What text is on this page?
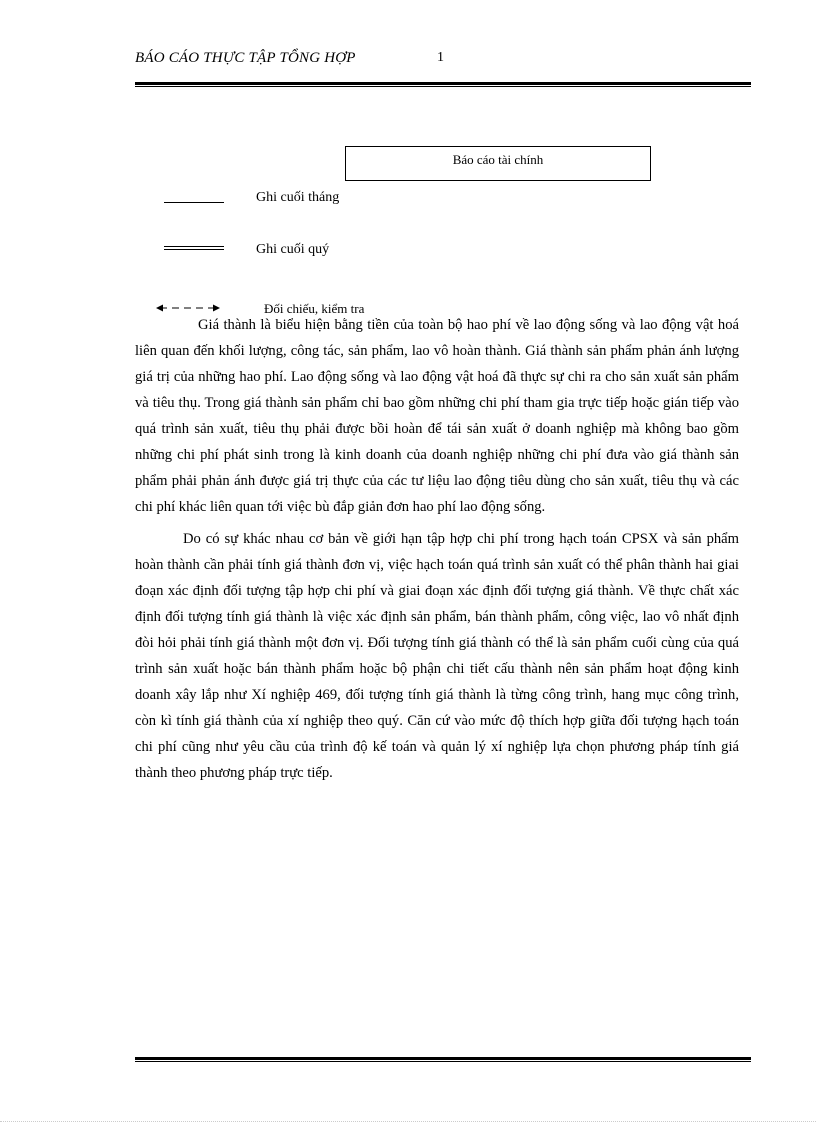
BÁO CÁO THỰC TẬP TỔNG HỢP	1
Báo cáo tài chính
Ghi cuối tháng
Ghi cuối quý
Đối chiếu, kiểm tra

Giá thành là biểu hiện bằng tiền của toàn bộ hao phí về lao động sống và lao động vật hoá liên quan đến khối lượng, công tác, sản phẩm, lao vô hoàn thành. Giá thành sản phẩm phản ánh lượng giá trị của những hao phí. Lao động sống và lao động vật hoá đã thực sự chi ra cho sản xuất sản phẩm và tiêu thụ. Trong giá thành sản phẩm chỉ bao gồm những chi phí tham gia trực tiếp hoặc gián tiếp vào quá trình sản xuất, tiêu thụ phải được bồi hoàn để tái sản xuất ở doanh nghiệp mà không bao gồm những chi phí phát sinh trong là kinh doanh của doanh nghiệp những chi phí đưa vào giá thành sản phẩm phải phản ánh được giá trị thực của các tư liệu lao động tiêu dùng cho sản xuất, tiêu thụ và các chi phí khác liên quan tới việc bù đắp giản đơn hao phí lao động sống.

Do có sự khác nhau cơ bản về giới hạn tập hợp chi phí trong hạch toán CPSX và sản phẩm hoàn thành cần phải tính giá thành đơn vị, việc hạch toán quá trình sản xuất có thể phân thành hai giai đoạn xác định đối tượng tập hợp chi phí và giai đoạn xác định đối tượng giá thành. Về thực chất xác định đối tượng tính giá thành là việc xác định sản phẩm, bán thành phẩm, công việc, lao vô nhất định đòi hỏi phải tính giá thành một đơn vị. Đối tượng tính giá thành có thể là sản phẩm cuối cùng của quá trình sản xuất hoặc bán thành phẩm hoặc bộ phận chi tiết cấu thành nên sản phẩm hoạt động kinh doanh xây lắp như Xí nghiệp 469, đối tượng tính giá thành là từng công trình, hang mục công trình, còn kì tính giá thành của xí nghiệp theo quý. Căn cứ vào mức độ thích hợp giữa đối tượng hạch toán chi phí cũng như yêu cầu của trình độ kế toán và quản lý xí nghiệp lựa chọn phương pháp tính giá thành theo phương pháp trực tiếp.
